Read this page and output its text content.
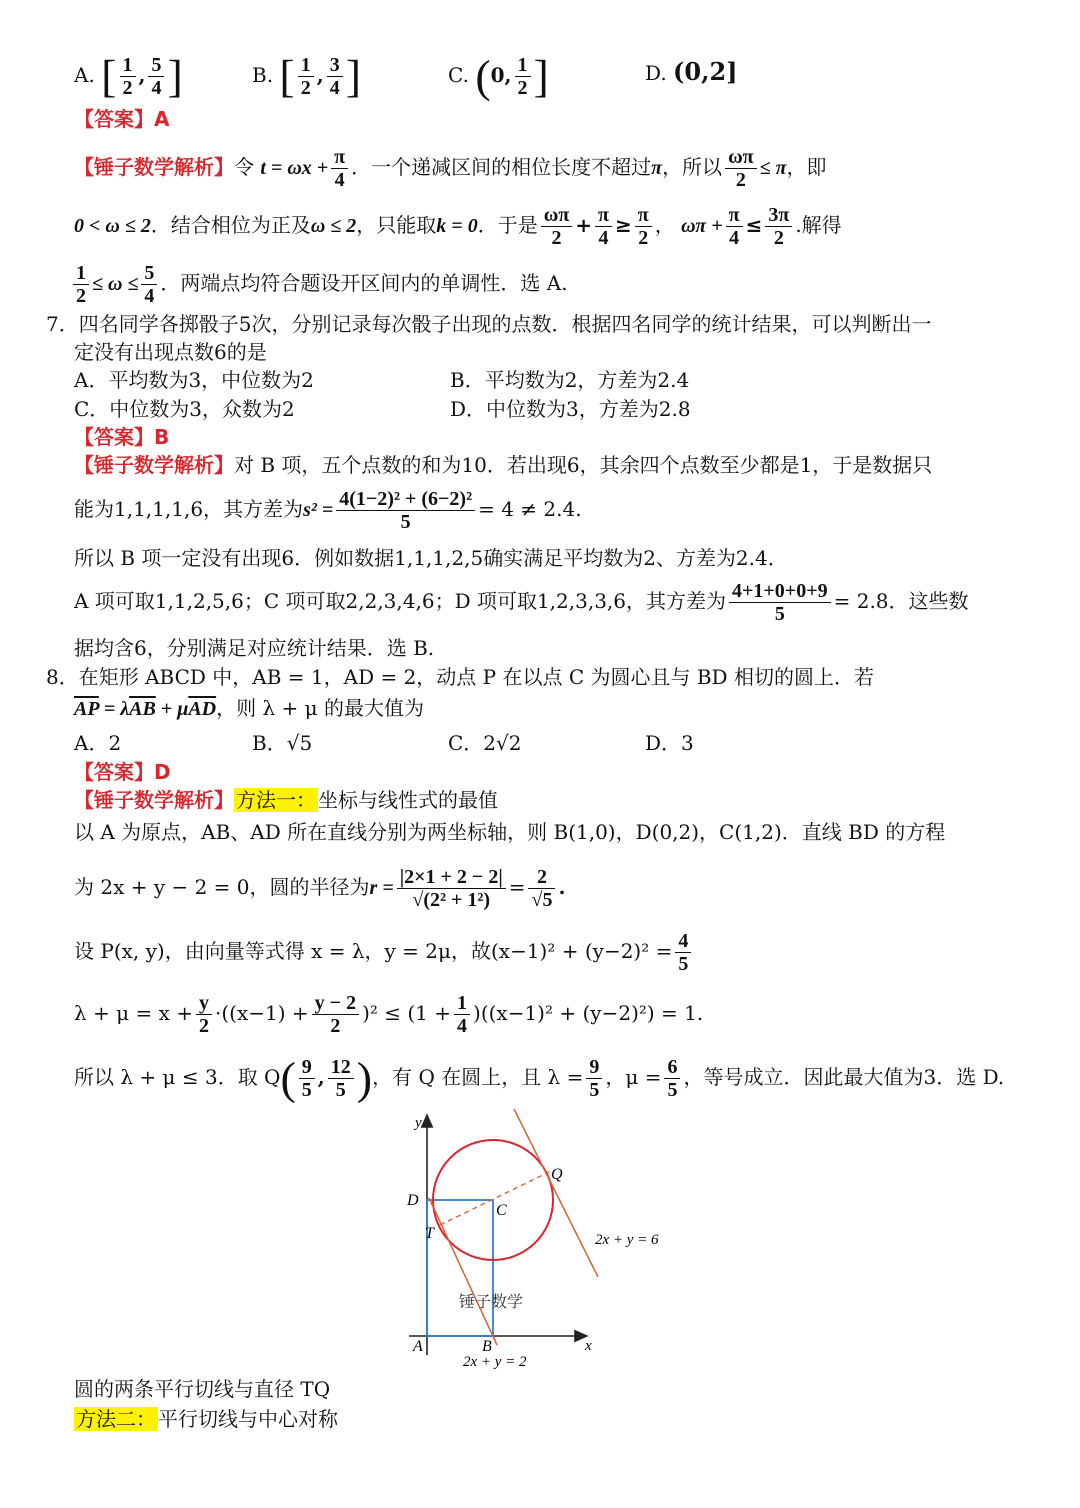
A. [ $\frac{1}{2}$ , $\frac{5}{4}$ ]	B. [ $\frac{1}{2}$ , $\frac{3}{4}$ ]	C. (0, $\frac{1}{2}$ ]	D. (0,2]
【答案】A
【锤子数学解析】令 $t = \omega x + \frac{\pi}{4}$ ．一个递减区间的相位长度不超过π，所以 $\frac{\omega\pi}{2} \le \pi$，即
0 < ω ≤ 2．结合相位为正及ω ≤ 2，只能取k = 0．于是 $\frac{\omega\pi}{2} + \frac{\pi}{4} \ge \frac{\pi}{2}$ ， $\omega\pi + \frac{\pi}{4} \le \frac{3\pi}{2}$ .解得
$\frac{1}{2} \le \omega \le \frac{5}{4}$ ．两端点均符合题设开区间内的单调性．选 A.
7．四名同学各掷骰子5次，分别记录每次骰子出现的点数．根据四名同学的统计结果，可以判断出一
定没有出现点数6的是
A．平均数为3，中位数为2	B．平均数为2，方差为2.4
C．中位数为3，众数为2	D．中位数为3，方差为2.8
【答案】B
【锤子数学解析】对 B 项，五个点数的和为10．若出现6，其余四个点数至少都是1，于是数据只
能为1,1,1,1,6，其方差为$s^2 = \frac{\text{4(1−2)² + (6−2)²}}{5} = 4 \ne 2.4$.
所以 B 项一定没有出现6．例如数据1,1,1,2,5确实满足平均数为2、方差为2.4．
A 项可取1,1,2,5,6；C 项可取2,2,3,4,6；D 项可取1,2,3,3,6，其方差为 $\frac{4+1+0+0+9}{5} = 2.8$．这些数
据均含6，分别满足对应统计结果．选 B.
8．在矩形 ABCD 中，AB = 1，AD = 2，动点 P 在以点 C 为圆心且与 BD 相切的圆上．若
$\overline{AP} = \lambda\overline{AB} + \mu\overline{AD}$，则 λ + μ 的最大值为
A．2	B．√5	C．2√2	D．3
【答案】D
【锤子数学解析】 方法一： 坐标与线性式的最值
以 A 为原点，AB、AD 所在直线分别为两坐标轴，则 B(1,0)，D(0,2)，C(1,2)．直线 BD 的方程
为 2x + y − 2 = 0，圆的半径为$r = \frac{|2\times 1 + 2 - 2|}{\text{√(2² + 1²)}} = \frac{2}{√5}$ .
设 P(x, y)，由向量等式得 x = λ，y = 2μ，故$(x-1)^2 + (y-2)^2 = \frac{4}{5}$
$\lambda + \mu = x + \frac{y}{2} \cdot((x-1) + \frac{y - 2}{2} )^2 \le (1 + \frac{1}{4} )((x-1)^2 + (y-2)^2) = 1$.
所以 λ + μ ≤ 3．取 $Q( \frac{9}{5}$ , $\frac{12}{5}$ )，有 Q 在圆上，且 $\lambda = \frac{9}{5}$ ，$\mu = \frac{6}{5}$ ，等号成立．因此最大值为3．选 D.
y
x
A	B
C
D
Q
T	2x + y = 6
2x + y = 2
锤子数学
圆的两条平行切线与直径 TQ
方法二： 平行切线与中心对称
